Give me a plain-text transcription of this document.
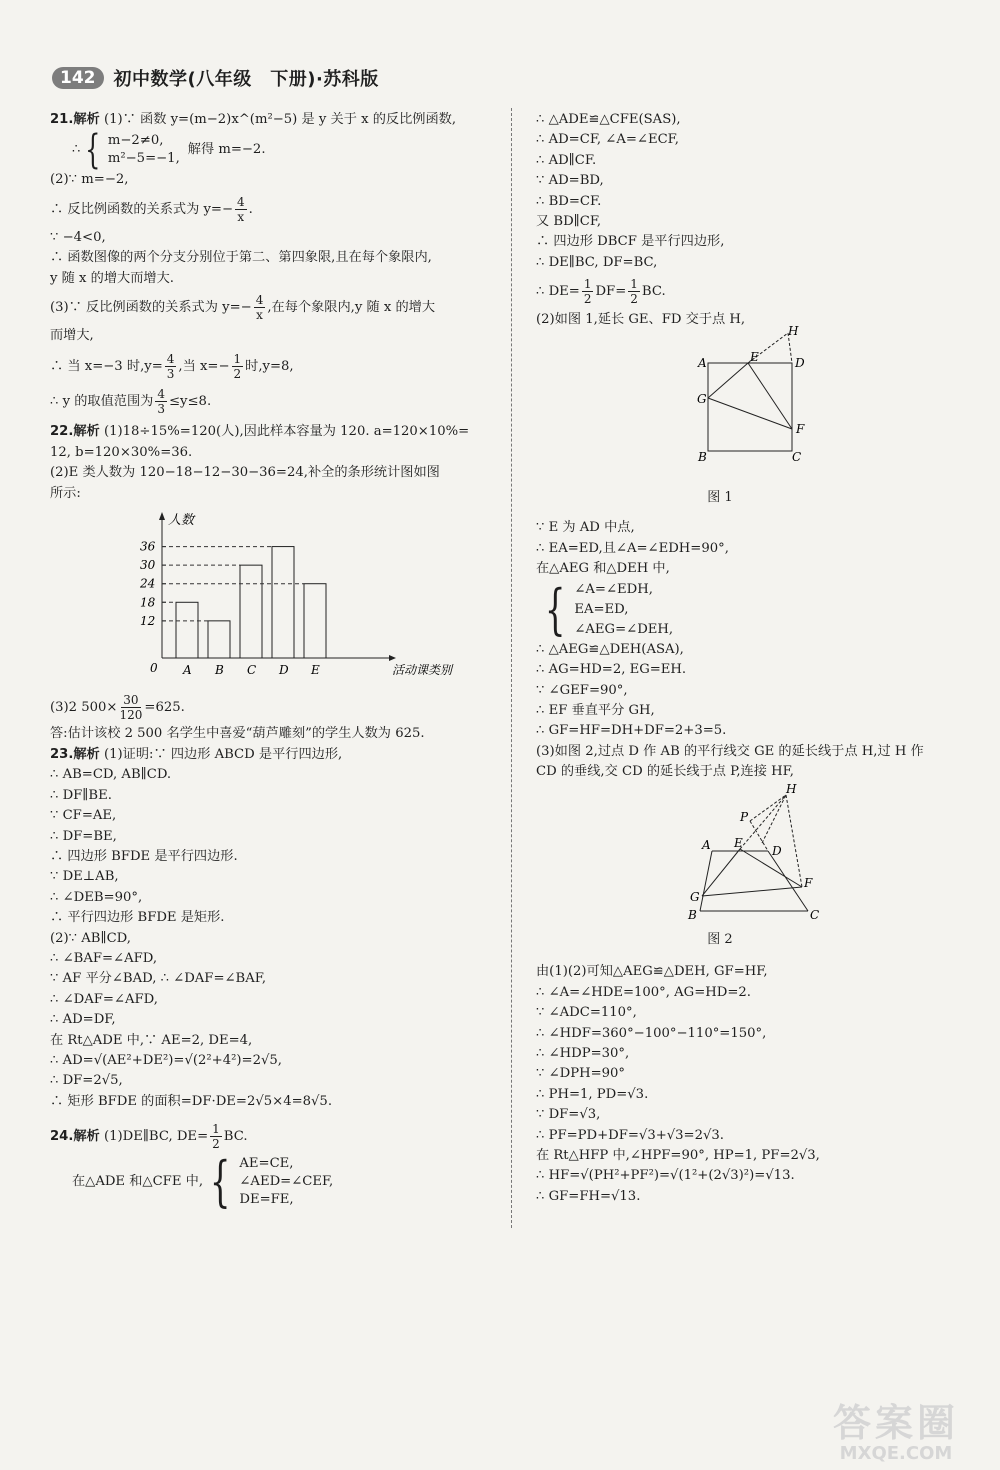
142	初中数学(八年级　下册)·苏科版
21.解析 (1)∵ 函数 y=(m−2)x^(m²−5) 是 y 关于 x 的反比例函数,
∴ { m−2≠0,
m²−5=−1,
解得 m=−2.
(2)∵ m=−2,
∴ 反比例函数的关系式为 $y=- \frac{4}{x}$ .
∵ −4<0,
∴ 函数图像的两个分支分别位于第二、第四象限,且在每个象限内,
y 随 x 的增大而增大.
(3)∵ 反比例函数的关系式为 $y=- \frac{4}{x}$ ,在每个象限内,y 随 x 的增大
而增大,
∴ 当 x=−3 时$,y= \frac{4}{3}$ ,当 $x=- \frac{1}{2}$ 时,y=8,
∴ y 的取值范围为 $\frac{4}{3} \le y\le 8$.
22.解析 (1)18÷15%=120(人),因此样本容量为 120. a=120×10%=
12, b=120×30%=36.
(2)E 类人数为 120−18−12−30−36=24,补全的条形统计图如图
所示:
人数
活动课类别
0
12
18
24
30
36
A B C D E
(3)2 $500\times \frac{30}{120} =625$.
答:估计该校 2 500 名学生中喜爱“葫芦雕刻”的学生人数为 625.
23.解析 (1)证明:∵ 四边形 ABCD 是平行四边形,
∴ AB=CD, AB∥CD.
∴ DF∥BE.
∵ CF=AE,
∴ DF=BE,
∴ 四边形 BFDE 是平行四边形.
∵ DE⊥AB,
∴ ∠DEB=90°,
∴ 平行四边形 BFDE 是矩形.
(2)∵ AB∥CD,
∴ ∠BAF=∠AFD,
∵ AF 平分∠BAD, ∴ ∠DAF=∠BAF,
∴ ∠DAF=∠AFD,
∴ AD=DF,
在 Rt△ADE 中,∵ AE=2, DE=4,
∴ AD=√(AE²+DE²)=√(2²+4²)=2√5,
∴ DF=2√5,
∴ 矩形 BFDE 的面积=DF·DE=2√5×4=8√5.
24.解析 (1)DE∥BC, $DE= \frac{1}{2}$ BC.
在△ADE 和△CFE 中, { AE=CE,
∠AED=∠CEF,
DE=FE,
∴ △ADE≌△CFE(SAS),
∴ AD=CF, ∠A=∠ECF,
∴ AD∥CF.
∵ AD=BD,
∴ BD=CF.
又 BD∥CF,
∴ 四边形 DBCF 是平行四边形,
∴ DE∥BC, DF=BC,
∴ $DE= \frac{1}{2} DF= \frac{1}{2}$ BC.
(2)如图 1,延长 GE、FD 交于点 H,
A	E	D
H
G
F
B	C
图 1
∵ E 为 AD 中点,
∴ EA=ED,且∠A=∠EDH=90°,
在△AEG 和△DEH 中,
{ ∠A=∠EDH,
EA=ED,
∠AEG=∠DEH,
∴ △AEG≌△DEH(ASA),
∴ AG=HD=2, EG=EH.
∵ ∠GEF=90°,
∴ EF 垂直平分 GH,
∴ GF=HF=DH+DF=2+3=5.
(3)如图 2,过点 D 作 AB 的平行线交 GE 的延长线于点 H,过 H 作
CD 的垂线,交 CD 的延长线于点 P,连接 HF,
H
P
A E
D
G
F
B	C
图 2
由(1)(2)可知△AEG≌△DEH, GF=HF,
∴ ∠A=∠HDE=100°, AG=HD=2.
∵ ∠ADC=110°,
∴ ∠HDF=360°−100°−110°=150°,
∴ ∠HDP=30°,
∵ ∠DPH=90°
∴ PH=1, PD=√3.
∵ DF=√3,
∴ PF=PD+DF=√3+√3=2√3.
在 Rt△HFP 中,∠HPF=90°, HP=1, PF=2√3,
∴ HF=√(PH²+PF²)=√(1²+(2√3)²)=√13.
∴ GF=FH=√13.
答案圈
MXQE.COM
